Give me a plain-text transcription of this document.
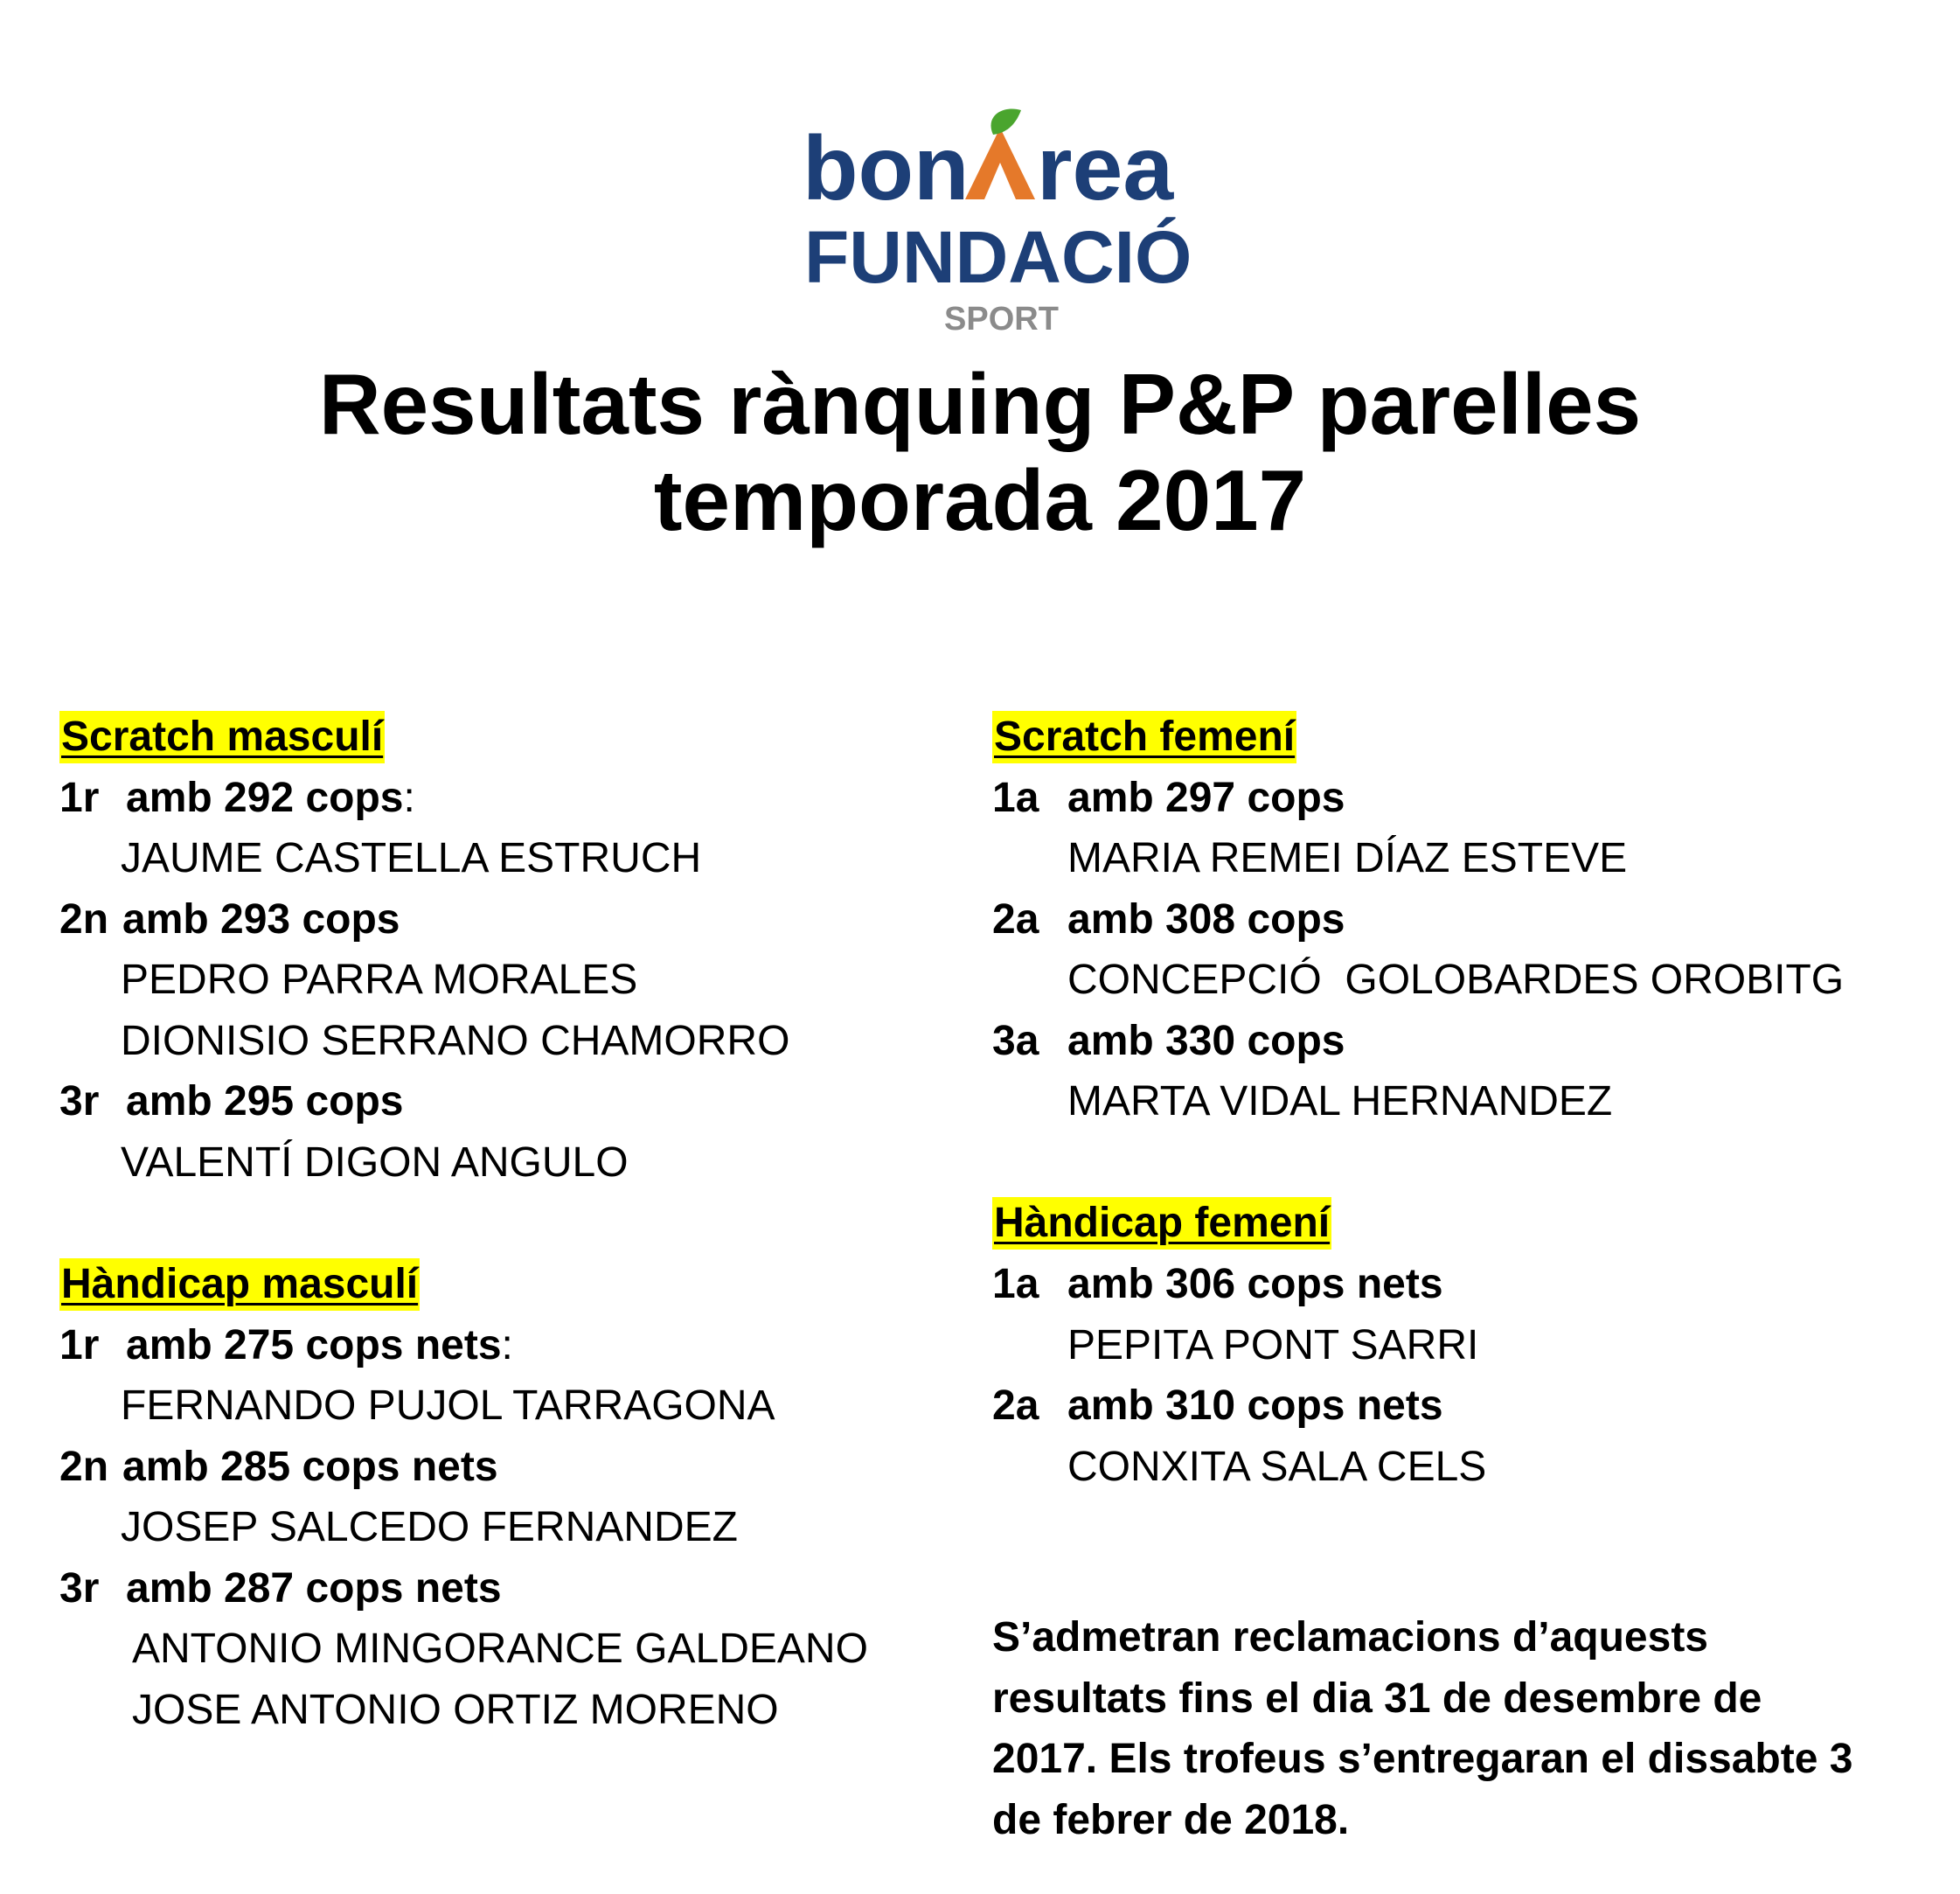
bon rea
FUNDACIÓ
SPORT
Resultats rànquing P&P parelles
temporada 2017
Scratch masculí
1r amb 292 cops:
JAUME CASTELLA ESTRUCH
2n amb 293 cops
PEDRO PARRA MORALES
DIONISIO SERRANO CHAMORRO
3r amb 295 cops
VALENTÍ DIGON ANGULO
Hàndicap masculí
1r amb 275 cops nets:
FERNANDO PUJOL TARRAGONA
2n amb 285 cops nets
JOSEP SALCEDO FERNANDEZ
3r amb 287 cops nets
ANTONIO MINGORANCE GALDEANO
JOSE ANTONIO ORTIZ MORENO
Scratch femení
1a amb 297 cops
MARIA REMEI DÍAZ ESTEVE
2a amb 308 cops
CONCEPCIÓ  GOLOBARDES OROBITG
3a amb 330 cops
MARTA VIDAL HERNANDEZ
Hàndicap femení
1a amb 306 cops nets
PEPITA PONT SARRI
2a amb 310 cops nets
CONXITA SALA CELS
S’admetran reclamacions d’aquests
resultats fins el dia 31 de desembre de
2017. Els trofeus s’entregaran el dissabte 3
de febrer de 2018.
